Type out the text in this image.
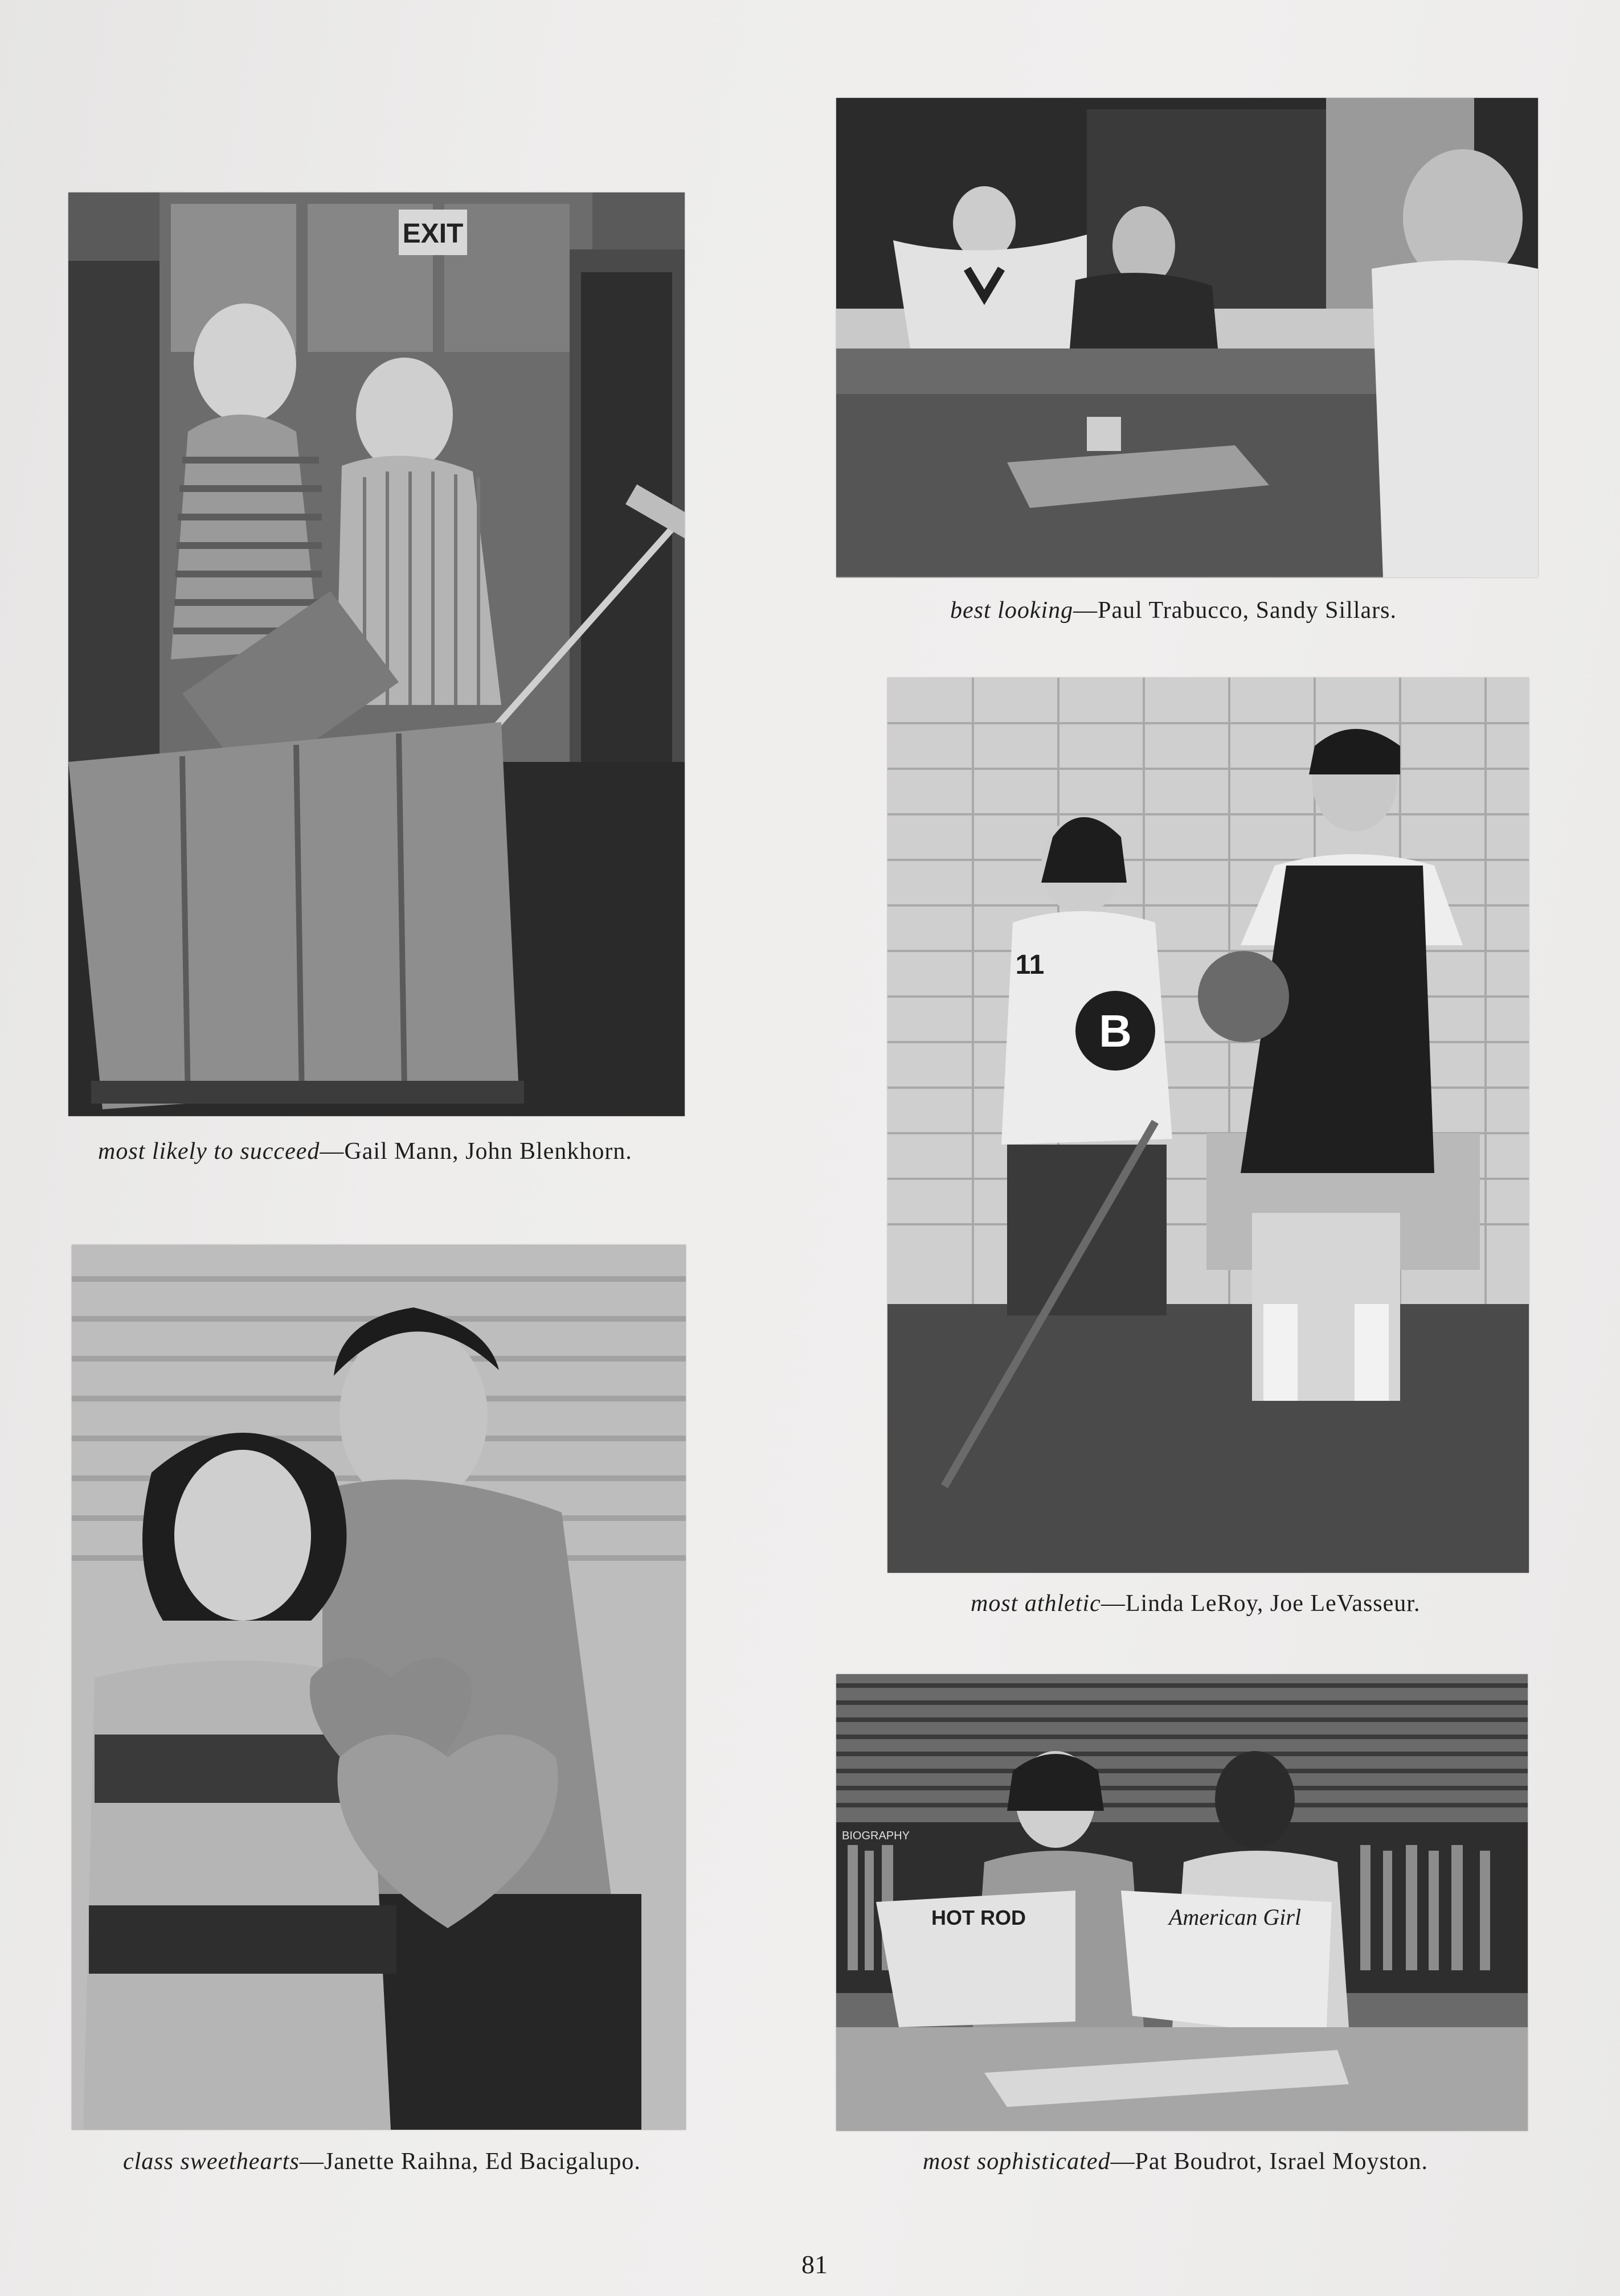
EXIT
most likely to succeed—Gail Mann, John Blenkhorn.
best looking—Paul Trabucco, Sandy Sillars.
B
11
most athletic—Linda LeRoy, Joe LeVasseur.
class sweethearts—Janette Raihna, Ed Bacigalupo.
BIOGRAPHY
HOT ROD	American Girl
most sophisticated—Pat Boudrot, Israel Moyston.
81
